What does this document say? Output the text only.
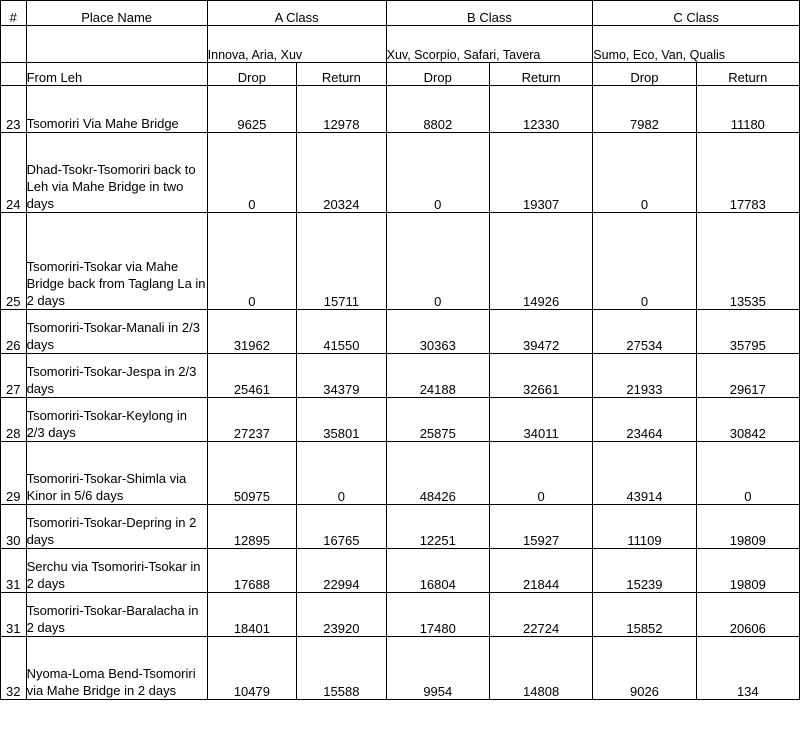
#	Place Name	A Class		B Class		C Class	
		Innova, Aria, Xuv		Xuv, Scorpio, Safari, Tavera		Sumo, Eco, Van, Qualis	
	From Leh	Drop	Return	Drop	Return	Drop	Return
23	Tsomoriri Via Mahe Bridge	9625	12978	8802	12330	7982	11180
24	Dhad-Tsokr-Tsomoriri back to Leh via Mahe Bridge in two days	0	20324	0	19307	0	17783
25	Tsomoriri-Tsokar via Mahe Bridge back from Taglang La in 2 days	0	15711	0	14926	0	13535
26	Tsomoriri-Tsokar-Manali in 2/3 days	31962	41550	30363	39472	27534	35795
27	Tsomoriri-Tsokar-Jespa in 2/3 days	25461	34379	24188	32661	21933	29617
28	Tsomoriri-Tsokar-Keylong in 2/3 days	27237	35801	25875	34011	23464	30842
29	Tsomoriri-Tsokar-Shimla via Kinor in 5/6 days	50975	0	48426	0	43914	0
30	Tsomoriri-Tsokar-Depring in 2 days	12895	16765	12251	15927	11109	19809
31	Serchu via Tsomoriri-Tsokar in 2 days	17688	22994	16804	21844	15239	19809
31	Tsomoriri-Tsokar-Baralacha in 2 days	18401	23920	17480	22724	15852	20606
32	Nyoma-Loma Bend-Tsomoriri via Mahe Bridge in 2 days	10479	15588	9954	14808	9026	134
